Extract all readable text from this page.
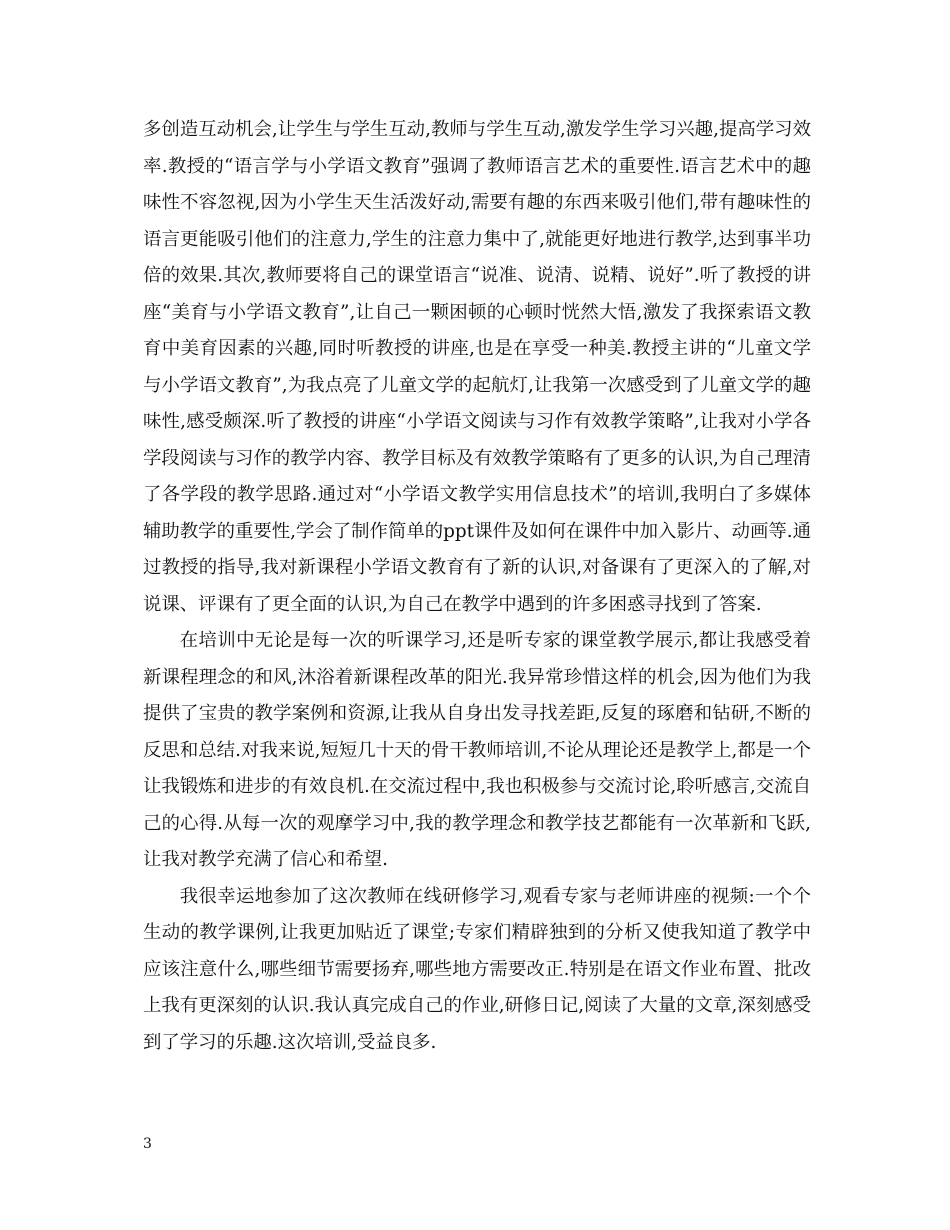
多创造互动机会,让学生与学生互动,教师与学生互动,激发学生学习兴趣,提高学习效率.教授的“语言学与小学语文教育”强调了教师语言艺术的重要性.语言艺术中的趣味性不容忽视,因为小学生天生活泼好动,需要有趣的东西来吸引他们,带有趣味性的语言更能吸引他们的注意力,学生的注意力集中了,就能更好地进行教学,达到事半功倍的效果.其次,教师要将自己的课堂语言“说准、说清、说精、说好”.听了教授的讲座“美育与小学语文教育”,让自己一颗困顿的心顿时恍然大悟,激发了我探索语文教育中美育因素的兴趣,同时听教授的讲座,也是在享受一种美.教授主讲的“儿童文学与小学语文教育”,为我点亮了儿童文学的起航灯,让我第一次感受到了儿童文学的趣味性,感受颇深.听了教授的讲座“小学语文阅读与习作有效教学策略”,让我对小学各学段阅读与习作的教学内容、教学目标及有效教学策略有了更多的认识,为自己理清了各学段的教学思路.通过对“小学语文教学实用信息技术”的培训,我明白了多媒体辅助教学的重要性,学会了制作简单的ppt课件及如何在课件中加入影片、动画等.通过教授的指导,我对新课程小学语文教育有了新的认识,对备课有了更深入的了解,对说课、评课有了更全面的认识,为自己在教学中遇到的许多困惑寻找到了答案.

在培训中无论是每一次的听课学习,还是听专家的课堂教学展示,都让我感受着新课程理念的和风,沐浴着新课程改革的阳光.我异常珍惜这样的机会,因为他们为我提供了宝贵的教学案例和资源,让我从自身出发寻找差距,反复的琢磨和钻研,不断的反思和总结.对我来说,短短几十天的骨干教师培训,不论从理论还是教学上,都是一个让我锻炼和进步的有效良机.在交流过程中,我也积极参与交流讨论,聆听感言,交流自己的心得.从每一次的观摩学习中,我的教学理念和教学技艺都能有一次革新和飞跃,让我对教学充满了信心和希望.

我很幸运地参加了这次教师在线研修学习,观看专家与老师讲座的视频:一个个生动的教学课例,让我更加贴近了课堂;专家们精辟独到的分析又使我知道了教学中应该注意什么,哪些细节需要扬弃,哪些地方需要改正.特别是在语文作业布置、批改上我有更深刻的认识.我认真完成自己的作业,研修日记,阅读了大量的文章,深刻感受到了学习的乐趣.这次培训,受益良多.

3
